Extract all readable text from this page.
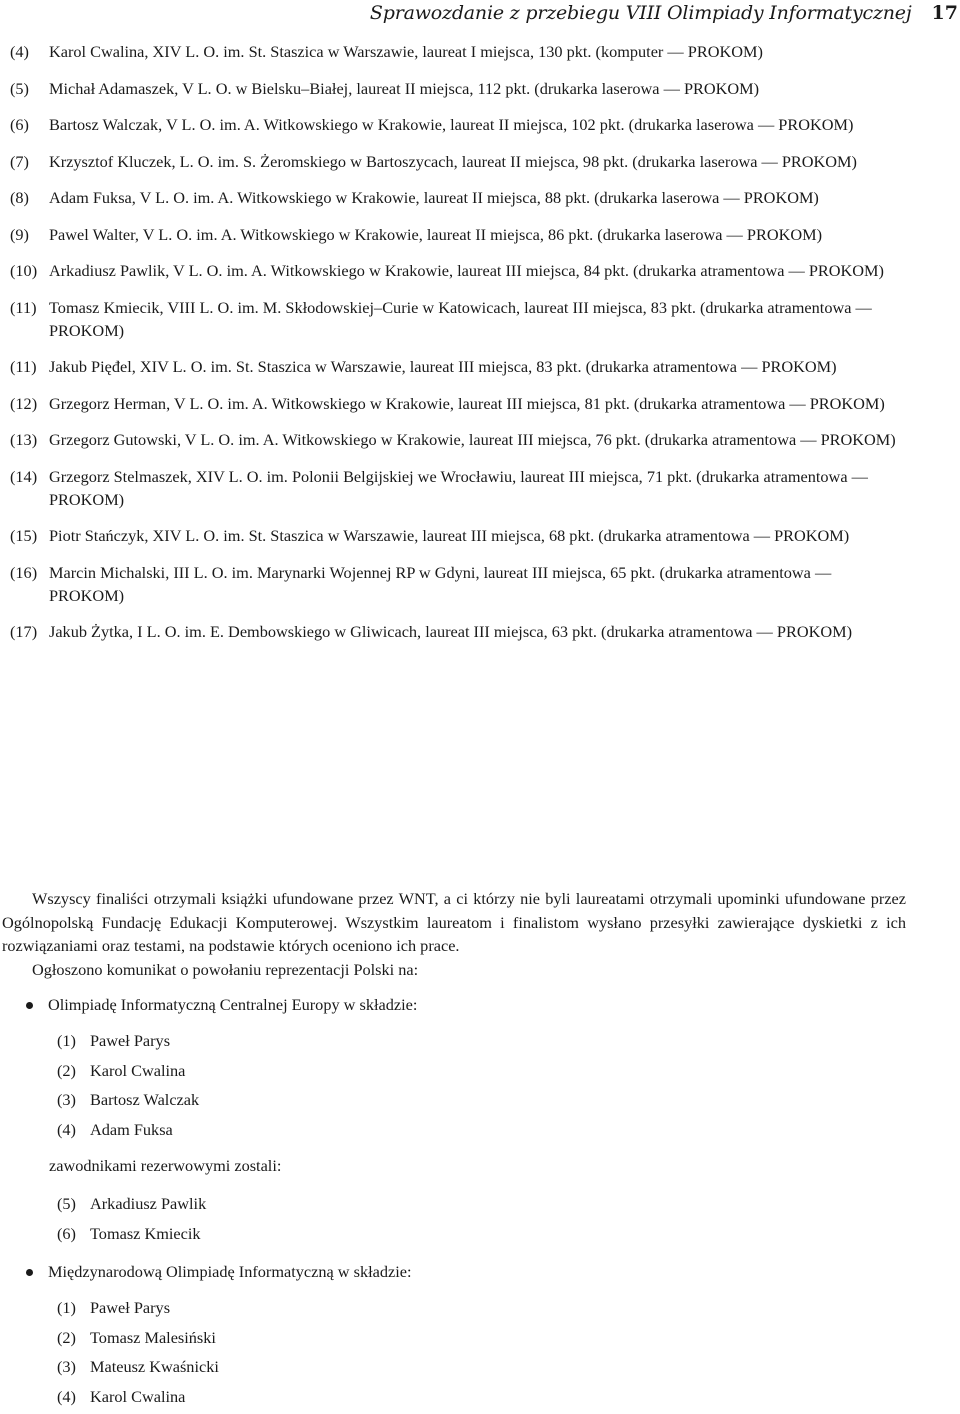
Sprawozdanie z przebiegu VIII Olimpiady Informatycznej 17
(4)	Karol Cwalina, XIV L. O. im. St. Staszica w Warszawie, laureat I miejsca, 130 pkt. (komputer — PROKOM)
(5)	Michał Adamaszek, V L. O. w Bielsku–Białej, laureat II miejsca, 112 pkt. (drukarka laserowa — PROKOM)
(6)	Bartosz Walczak, V L. O. im. A. Witkowskiego w Krakowie, laureat II miejsca, 102 pkt. (drukarka laserowa — PROKOM)
(7)	Krzysztof Kluczek, L. O. im. S. Żeromskiego w Bartoszycach, laureat II miejsca, 98 pkt. (drukarka laserowa — PROKOM)
(8)	Adam Fuksa, V L. O. im. A. Witkowskiego w Krakowie, laureat II miejsca, 88 pkt. (drukarka laserowa — PROKOM)
(9)	Pawel Walter, V L. O. im. A. Witkowskiego w Krakowie, laureat II miejsca, 86 pkt. (drukarka laserowa — PROKOM)
(10) Arkadiusz Pawlik, V L. O. im. A. Witkowskiego w Krakowie, laureat III miejsca, 84 pkt. (drukarka atramentowa — PROKOM)
(11) Tomasz Kmiecik, VIII L. O. im. M. Skłodowskiej–Curie w Katowicach, laureat III miejsca, 83 pkt. (drukarka atramentowa — PROKOM)
(11) Jakub Pięđel, XIV L. O. im. St. Staszica w Warszawie, laureat III miejsca, 83 pkt. (drukarka atramentowa — PROKOM)
(12) Grzegorz Herman, V L. O. im. A. Witkowskiego w Krakowie, laureat III miejsca, 81 pkt. (drukarka atramentowa — PROKOM)
(13) Grzegorz Gutowski, V L. O. im. A. Witkowskiego w Krakowie, laureat III miejsca, 76 pkt. (drukarka atramentowa — PROKOM)
(14) Grzegorz Stelmaszek, XIV L. O. im. Polonii Belgijskiej we Wrocławiu, laureat III miejsca, 71 pkt. (drukarka atramentowa — PROKOM)
(15) Piotr Stańczyk, XIV L. O. im. St. Staszica w Warszawie, laureat III miejsca, 68 pkt. (drukarka atramentowa — PROKOM)
(16) Marcin Michalski, III L. O. im. Marynarki Wojennej RP w Gdyni, laureat III miejsca, 65 pkt. (drukarka atramentowa — PROKOM)
(17) Jakub Żytka, I L. O. im. E. Dembowskiego w Gliwicach, laureat III miejsca, 63 pkt. (drukarka atramentowa — PROKOM)

Wszyscy finaliści otrzymali książki ufundowane przez WNT, a ci którzy nie byli laureatami otrzymali upominki ufundowane przez Ogólnopolską Fundację Edukacji Komputerowej. Wszystkim laureatom i finalistom wysłano przesyłki zawierające dyskietki z ich rozwiązaniami oraz testami, na podstawie których oceniono ich prace.

Ogłoszono komunikat o powołaniu reprezentacji Polski na:

Olimpiadę Informatyczną Centralnej Europy w składzie:
(1) Paweł Parys
(2) Karol Cwalina
(3) Bartosz Walczak
(4) Adam Fuksa
zawodnikami rezerwowymi zostali:
(5) Arkadiusz Pawlik
(6) Tomasz Kmiecik
Międzynarodową Olimpiadę Informatyczną w składzie:
(1) Paweł Parys
(2) Tomasz Malesiński
(3) Mateusz Kwaśnicki
(4) Karol Cwalina
